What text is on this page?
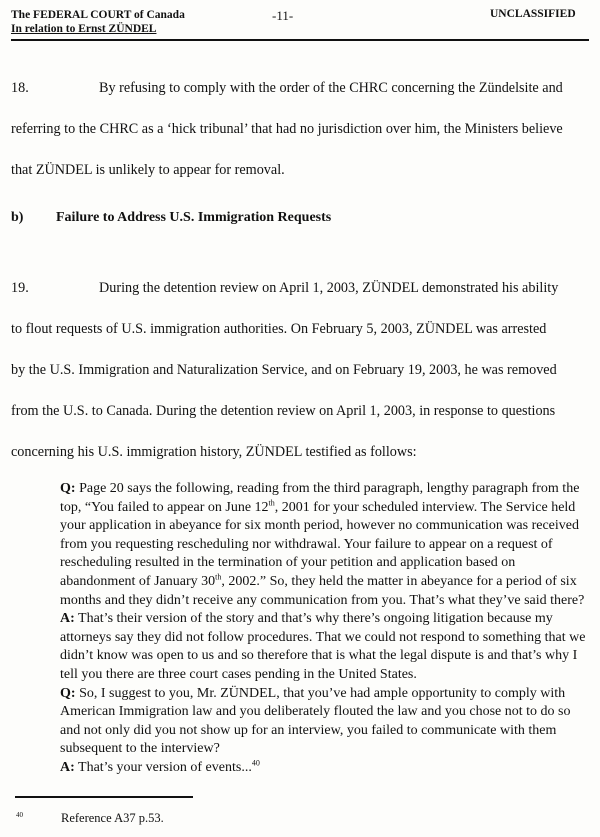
The FEDERAL COURT of Canada
In relation to Ernst ZÜNDEL
-11-	UNCLASSIFIED
18.	By refusing to comply with the order of the CHRC concerning the Zündelsite and
referring to the CHRC as a ‘hick tribunal’ that had no jurisdiction over him, the Ministers believe
that ZÜNDEL is unlikely to appear for removal.
b) Failure to Address U.S. Immigration Requests
19.	During the detention review on April 1, 2003, ZÜNDEL demonstrated his ability
to flout requests of U.S. immigration authorities. On February 5, 2003, ZÜNDEL was arrested
by the U.S. Immigration and Naturalization Service, and on February 19, 2003, he was removed
from the U.S. to Canada. During the detention review on April 1, 2003, in response to questions
concerning his U.S. immigration history, ZÜNDEL testified as follows:
Q: Page 20 says the following, reading from the third paragraph, lengthy paragraph from the top, “You failed to appear on June 12th, 2001 for your scheduled interview. The Service held your application in abeyance for six month period, however no communication was received from you requesting rescheduling nor withdrawal. Your failure to appear on a request of rescheduling resulted in the termination of your petition and application based on abandonment of January 30th, 2002.” So, they held the matter in abeyance for a period of six months and they didn’t receive any communication from you. That’s what they’ve said there?
A: That’s their version of the story and that’s why there’s ongoing litigation because my attorneys say they did not follow procedures. That we could not respond to something that we didn’t know was open to us and so therefore that is what the legal dispute is and that’s why I tell you there are three court cases pending in the United States.
Q: So, I suggest to you, Mr. ZÜNDEL, that you’ve had ample opportunity to comply with American Immigration law and you deliberately flouted the law and you chose not to do so and not only did you not show up for an interview, you failed to communicate with them subsequent to the interview?
A: That’s your version of events...$^{40}$
40	Reference A37 p.53.
